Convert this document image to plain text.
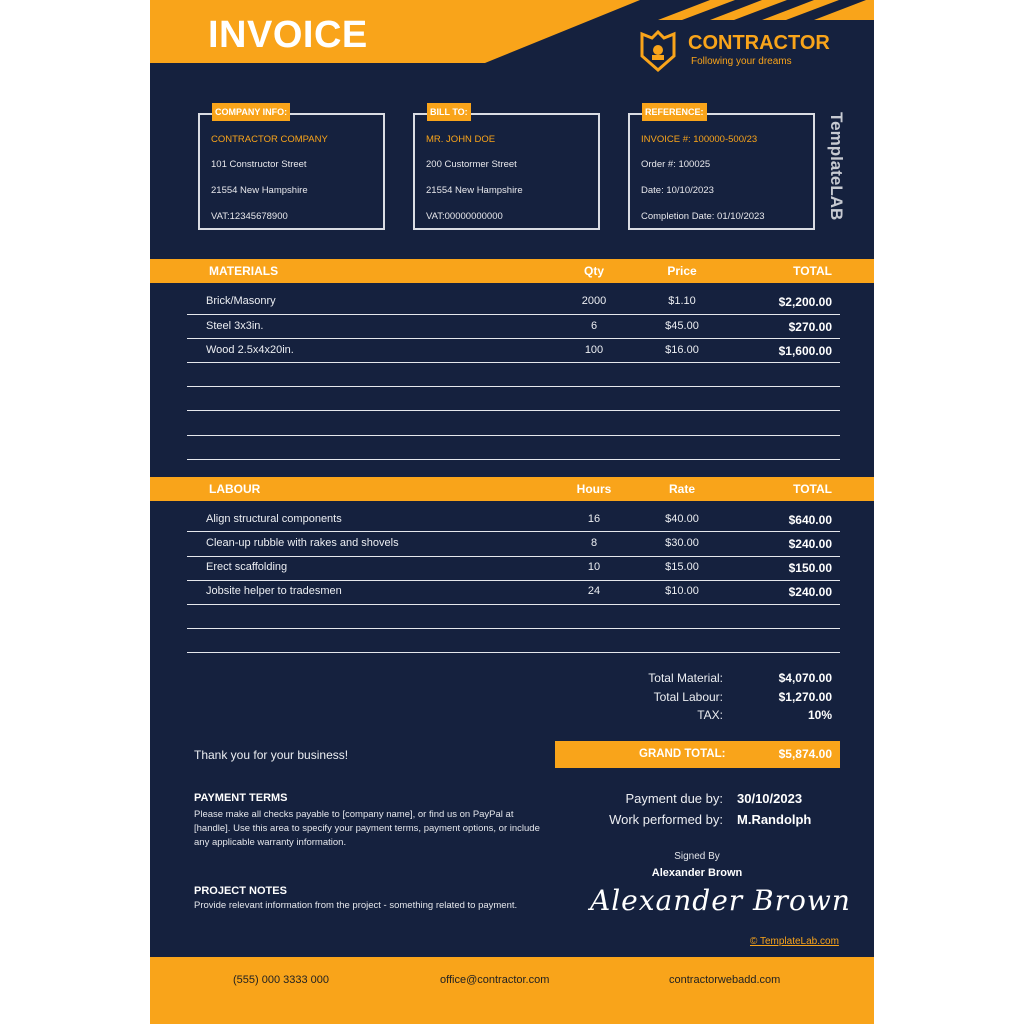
INVOICE	CONTRACTOR
Following your dreams
COMPANY INFO:
CONTRACTOR COMPANY
101 Constructor Street
21554 New Hampshire
VAT:12345678900
BILL TO:
MR. JOHN DOE
200 Custormer Street
21554 New Hampshire
VAT:00000000000
REFERENCE:
INVOICE #: 100000-500/23
Order #: 100025
Date: 10/10/2023
Completion Date: 01/10/2023	TemplateLAB
MATERIALS	Qty	Price	TOTAL
Brick/Masonry	2000	$1.10	$2,200.00
Steel 3x3in.	6	$45.00	$270.00
Wood 2.5x4x20in.	100	$16.00	$1,600.00
LABOUR	Hours	Rate	TOTAL
Align structural components	16	$40.00	$640.00
Clean-up rubble with rakes and shovels	8	$30.00	$240.00
Erect scaffolding	10	$15.00	$150.00
Jobsite helper to tradesmen	24	$10.00	$240.00
Total Material:	$4,070.00
Total Labour:	$1,270.00
TAX:	10%
GRAND TOTAL:	$5,874.00
Thank you for your business!
PAYMENT TERMS
Please make all checks payable to [company name], or find us on PayPal at [handle]. Use this area to specify your payment terms, payment options, or include any applicable warranty information.
PROJECT NOTES
Provide relevant information from the project - something related to payment.
Payment due by: 30/10/2023
Work performed by: M.Randolph
Signed By
Alexander Brown
Alexander Brown
© TemplateLab.com
(555) 000 3333 000	office@contractor.com	contractorwebadd.com
